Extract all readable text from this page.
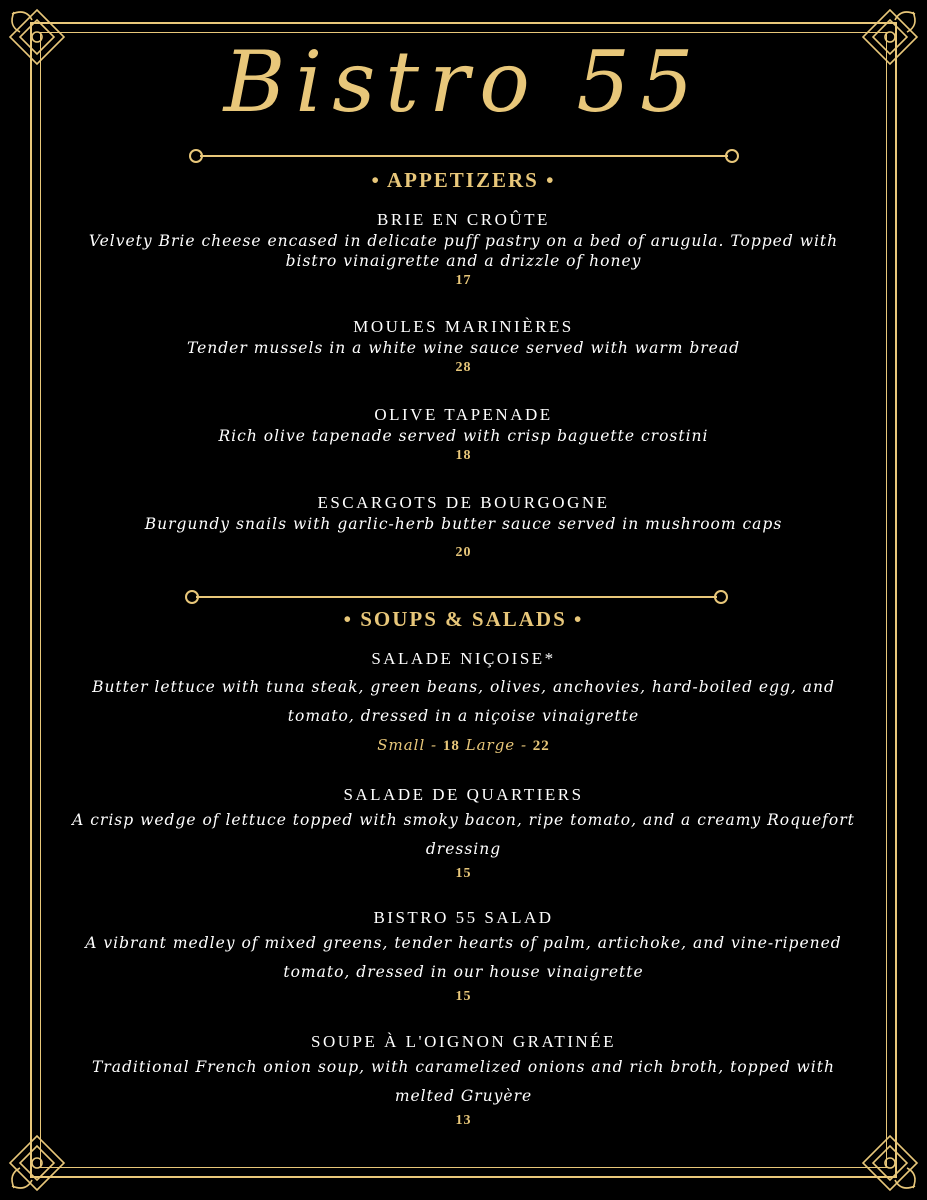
Bistro 55
• APPETIZERS •
BRIE EN CROÛTE
Velvety Brie cheese encased in delicate puff pastry on a bed of arugula. Topped with bistro vinaigrette and a drizzle of honey
17
MOULES MARINIÈRES
Tender mussels in a white wine sauce served with warm bread
28
OLIVE TAPENADE
Rich olive tapenade served with crisp baguette crostini
18
ESCARGOTS DE BOURGOGNE
Burgundy snails with garlic-herb butter sauce served in mushroom caps
20
• SOUPS & SALADS •
SALADE NIÇOISE*
Butter lettuce with tuna steak, green beans, olives, anchovies, hard-boiled egg, and tomato, dressed in a niçoise vinaigrette
Small - 18 Large - 22
SALADE DE QUARTIERS
A crisp wedge of lettuce topped with smoky bacon, ripe tomato, and a creamy Roquefort dressing
15
BISTRO 55 SALAD
A vibrant medley of mixed greens, tender hearts of palm, artichoke, and vine-ripened tomato, dressed in our house vinaigrette
15
SOUPE À L'OIGNON GRATINÉE
Traditional French onion soup, with caramelized onions and rich broth, topped with melted Gruyère
13
